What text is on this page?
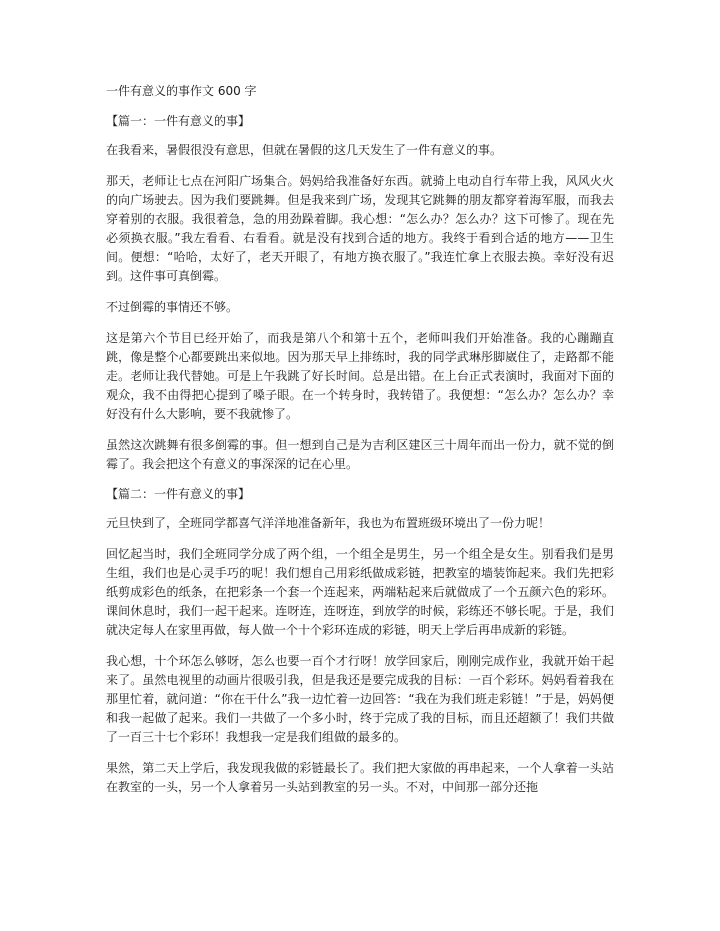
一件有意义的事作文 600 字
【篇一：一件有意义的事】

在我看来，暑假很没有意思，但就在暑假的这几天发生了一件有意义的事。

那天，老师让七点在河阳广场集合。妈妈给我准备好东西。就骑上电动自行车带上我，风风火火的向广场驶去。因为我们要跳舞。但是我来到广场，发现其它跳舞的朋友都穿着海军服，而我去穿着别的衣服。我很着急，急的用劲跺着脚。我心想：“怎么办？怎么办？这下可惨了。现在先必须换衣服。”我左看看、右看看。就是没有找到合适的地方。我终于看到合适的地方——卫生间。便想：“哈哈，太好了，老天开眼了，有地方换衣服了。”我连忙拿上衣服去换。幸好没有迟到。这件事可真倒霉。

不过倒霉的事情还不够。

这是第六个节目已经开始了，而我是第八个和第十五个，老师叫我们开始准备。我的心蹦蹦直跳，像是整个心都要跳出来似地。因为那天早上排练时，我的同学武琳彤脚崴住了，走路都不能走。老师让我代替她。可是上午我跳了好长时间。总是出错。在上台正式表演时，我面对下面的观众，我不由得把心提到了嗓子眼。在一个转身时，我转错了。我便想：“怎么办？怎么办？幸好没有什么大影响，要不我就惨了。

虽然这次跳舞有很多倒霉的事。但一想到自己是为吉利区建区三十周年而出一份力，就不觉的倒霉了。我会把这个有意义的事深深的记在心里。

【篇二：一件有意义的事】

元旦快到了，全班同学都喜气洋洋地准备新年，我也为布置班级环境出了一份力呢！

回忆起当时，我们全班同学分成了两个组，一个组全是男生，另一个组全是女生。别看我们是男生组，我们也是心灵手巧的呢！我们想自己用彩纸做成彩链，把教室的墙装饰起来。我们先把彩纸剪成彩色的纸条，在把彩条一个套一个连起来，两端粘起来后就做成了一个五颜六色的彩环。课间休息时，我们一起干起来。连呀连，连呀连，到放学的时候，彩练还不够长呢。于是，我们就决定每人在家里再做，每人做一个十个彩环连成的彩链，明天上学后再串成新的彩链。

我心想，十个环怎么够呀，怎么也要一百个才行呀！放学回家后，刚刚完成作业，我就开始干起来了。虽然电视里的动画片很吸引我，但是我还是要完成我的目标：一百个彩环。妈妈看着我在那里忙着，就问道：“你在干什么”我一边忙着一边回答：“我在为我们班走彩链！”于是，妈妈便和我一起做了起来。我们一共做了一个多小时，终于完成了我的目标，而且还超额了！我们共做了一百三十七个彩环！我想我一定是我们组做的最多的。

果然，第二天上学后，我发现我做的彩链最长了。我们把大家做的再串起来，一个人拿着一头站在教室的一头，另一个人拿着另一头站到教室的另一头。不对，中间那一部分还拖
